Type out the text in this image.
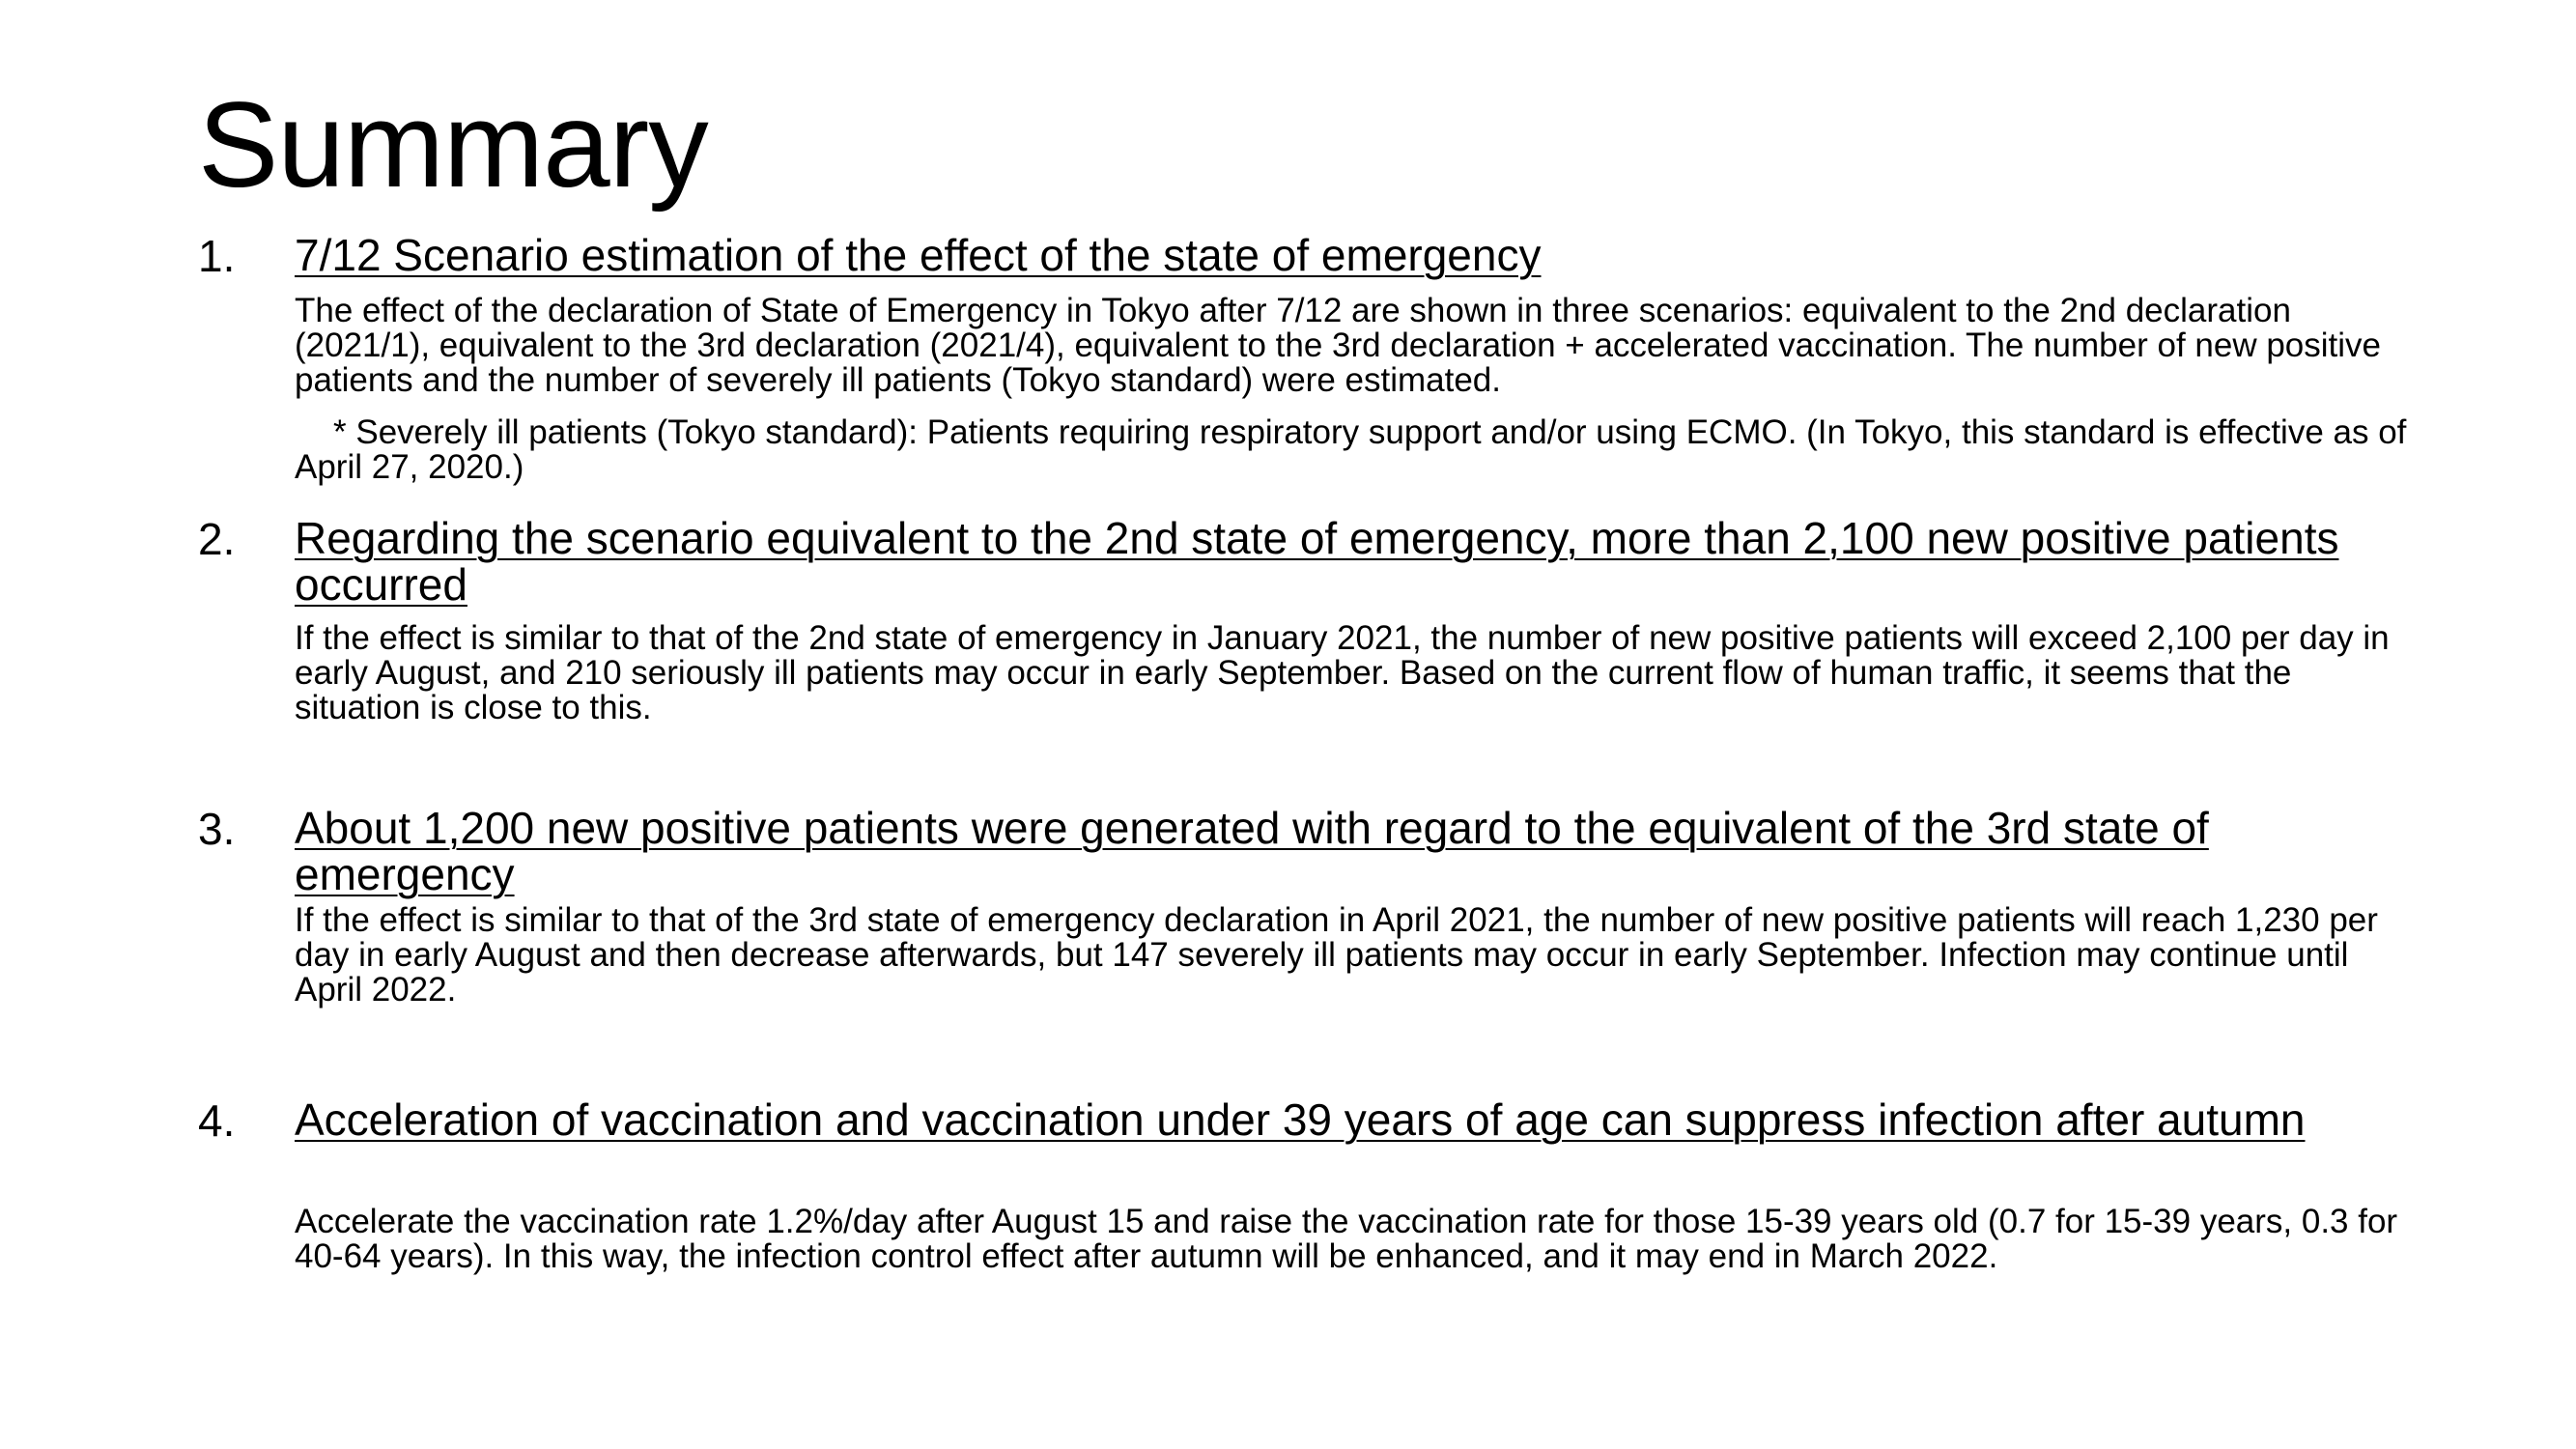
Summary
1. 7/12 Scenario estimation of the effect of the state of emergency

The effect of the declaration of State of Emergency in Tokyo after 7/12 are shown in three scenarios: equivalent to the 2nd declaration (2021/1), equivalent to the 3rd declaration (2021/4), equivalent to the 3rd declaration + accelerated vaccination. The number of new positive patients and the number of severely ill patients (Tokyo standard) were estimated.

* Severely ill patients (Tokyo standard): Patients requiring respiratory support and/or using ECMO. (In Tokyo, this standard is effective as of April 27, 2020.)

2. Regarding the scenario equivalent to the 2nd state of emergency, more than 2,100 new positive patients occurred

If the effect is similar to that of the 2nd state of emergency in January 2021, the number of new positive patients will exceed 2,100 per day in early August, and 210 seriously ill patients may occur in early September. Based on the current flow of human traffic, it seems that the situation is close to this.

3. About 1,200 new positive patients were generated with regard to the equivalent of the 3rd state of emergency

If the effect is similar to that of the 3rd state of emergency declaration in April 2021, the number of new positive patients will reach 1,230 per day in early August and then decrease afterwards, but 147 severely ill patients may occur in early September. Infection may continue until April 2022.

4. Acceleration of vaccination and vaccination under 39 years of age can suppress infection after autumn

Accelerate the vaccination rate 1.2%/day after August 15 and raise the vaccination rate for those 15-39 years old (0.7 for 15-39 years, 0.3 for 40-64 years). In this way, the infection control effect after autumn will be enhanced, and it may end in March 2022.
